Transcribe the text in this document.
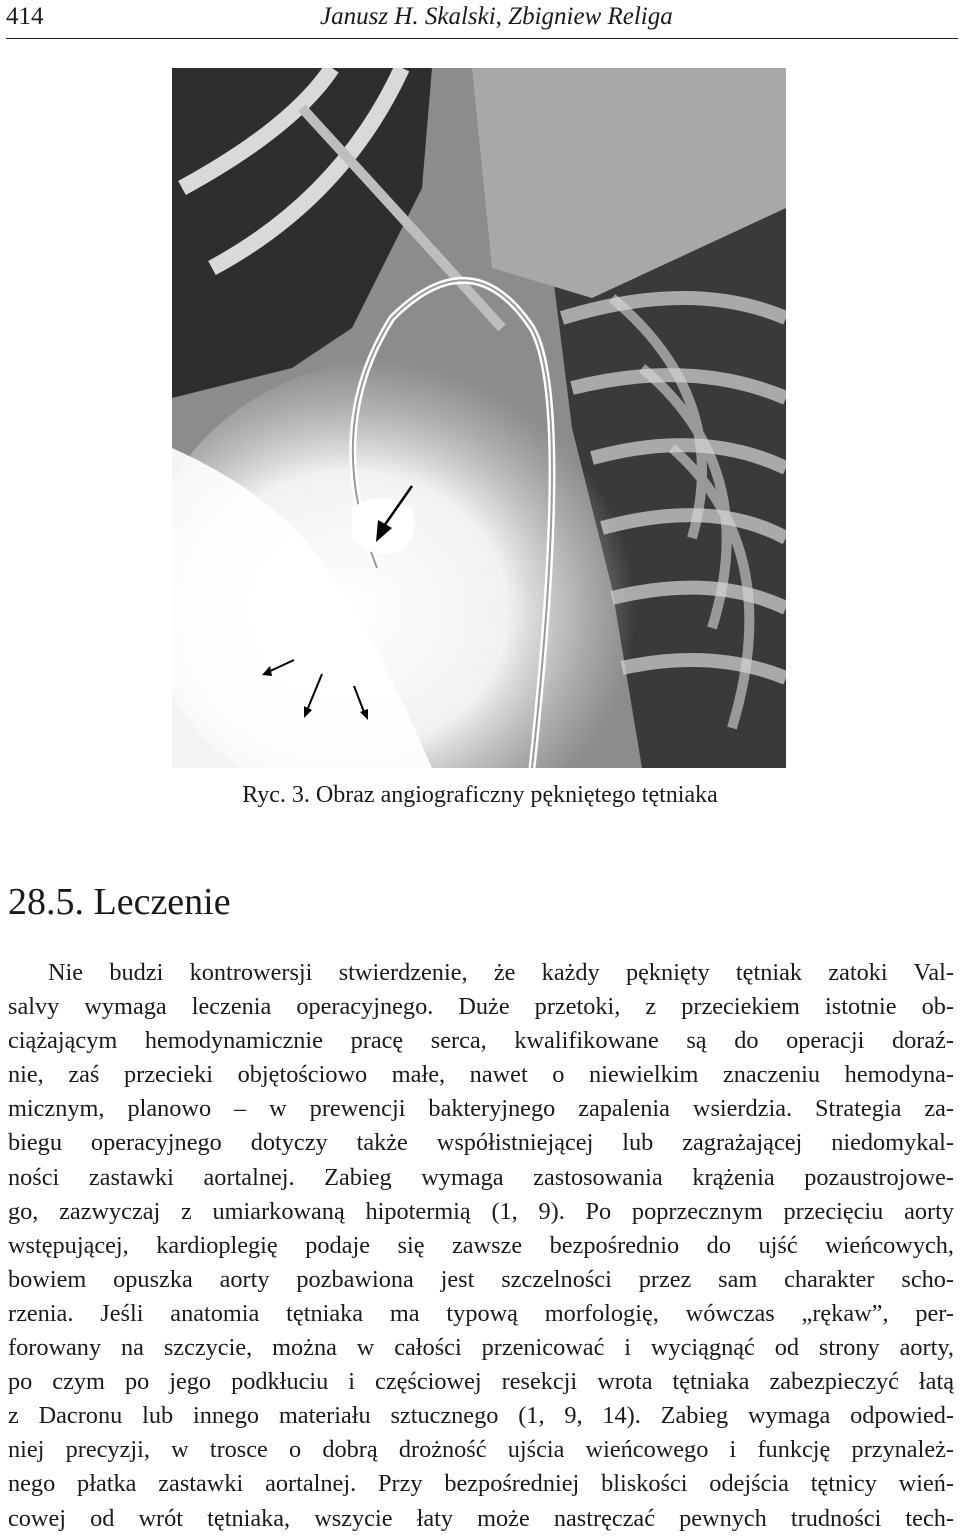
414	Janusz H. Skalski, Zbigniew Religa
Ryc. 3. Obraz angiograficzny pękniętego tętniaka
28.5. Leczenie
Nie budzi kontrowersji stwierdzenie, że każdy pęknięty tętniak zatoki Val-
salvy wymaga leczenia operacyjnego. Duże przetoki, z przeciekiem istotnie ob-
ciążającym hemodynamicznie pracę serca, kwalifikowane są do operacji doraź-
nie, zaś przecieki objętościowo małe, nawet o niewielkim znaczeniu hemodyna-
micznym, planowo – w prewencji bakteryjnego zapalenia wsierdzia. Strategia za-
biegu operacyjnego dotyczy także współistniejącej lub zagrażającej niedomykal-
ności zastawki aortalnej. Zabieg wymaga zastosowania krążenia pozaustrojowe-
go, zazwyczaj z umiarkowaną hipotermią (1, 9). Po poprzecznym przecięciu aorty
wstępującej, kardioplegię podaje się zawsze bezpośrednio do ujść wieńcowych,
bowiem opuszka aorty pozbawiona jest szczelności przez sam charakter scho-
rzenia. Jeśli anatomia tętniaka ma typową morfologię, wówczas „rękaw”, per-
forowany na szczycie, można w całości przenicować i wyciągnąć od strony aorty,
po czym po jego podkłuciu i częściowej resekcji wrota tętniaka zabezpieczyć łatą
z Dacronu lub innego materiału sztucznego (1, 9, 14). Zabieg wymaga odpowied-
niej precyzji, w trosce o dobrą drożność ujścia wieńcowego i funkcję przynależ-
nego płatka zastawki aortalnej. Przy bezpośredniej bliskości odejścia tętnicy wień-
cowej od wrót tętniaka, wszycie łaty może nastręczać pewnych trudności tech-
